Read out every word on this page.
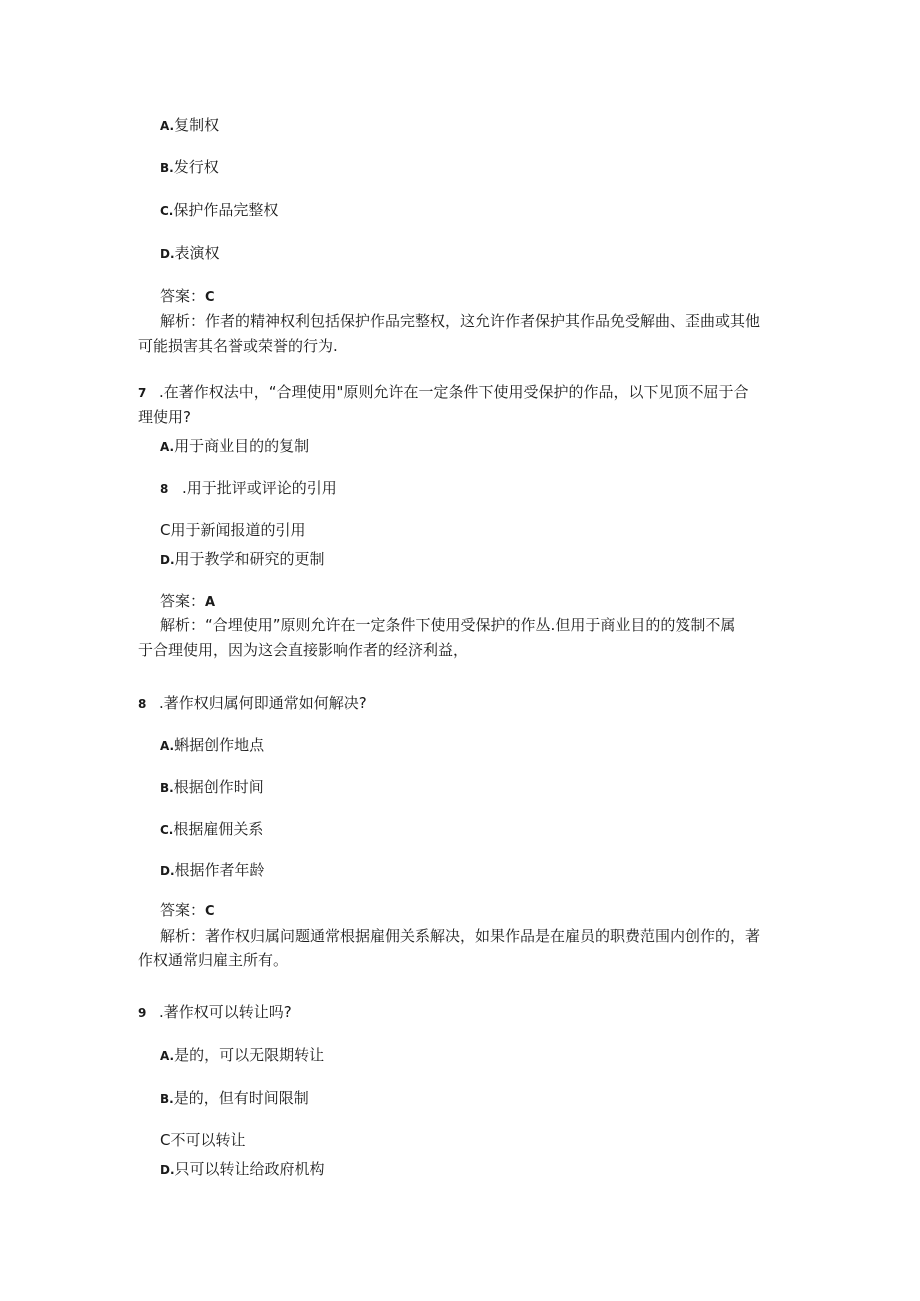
A.复制权
B.发行权
C.保护作品完整权
D.表演权
答案：C
解析：作者的精神权利包括保护作品完整权，这允许作者保护其作品免受解曲、歪曲或其他
可能损害其名誉或荣誉的行为.
7 .在著作权法中，“合理使用"原则允许在一定条件下使用受保护的作品，以下见顶不屈于合
理使用?
A.用于商业目的的复制
8 .用于批评或评论的引用
C用于新闻报道的引用
D.用于教学和研究的更制
答案：A
解析：“合埋使用”原则允许在一定条件下使用受保护的作丛.但用于商业目的的笈制不属
于合理使用，因为这会直接影响作者的经济利益，
8 .著作权归属何即通常如何解决?
A.蝌据创作地点
B.根据创作时间
C.根据雇佣关系
D.根据作者年龄
答案：C
解析：著作权归属问题通常根据雇佣关系解决，如果作品是在雇员的职费范围内创作的，著
作权通常归雇主所有。
9 .著作权可以转让吗?
A.是的，可以无限期转让
B.是的，但有时间限制
C不可以转让
D.只可以转让给政府机构
